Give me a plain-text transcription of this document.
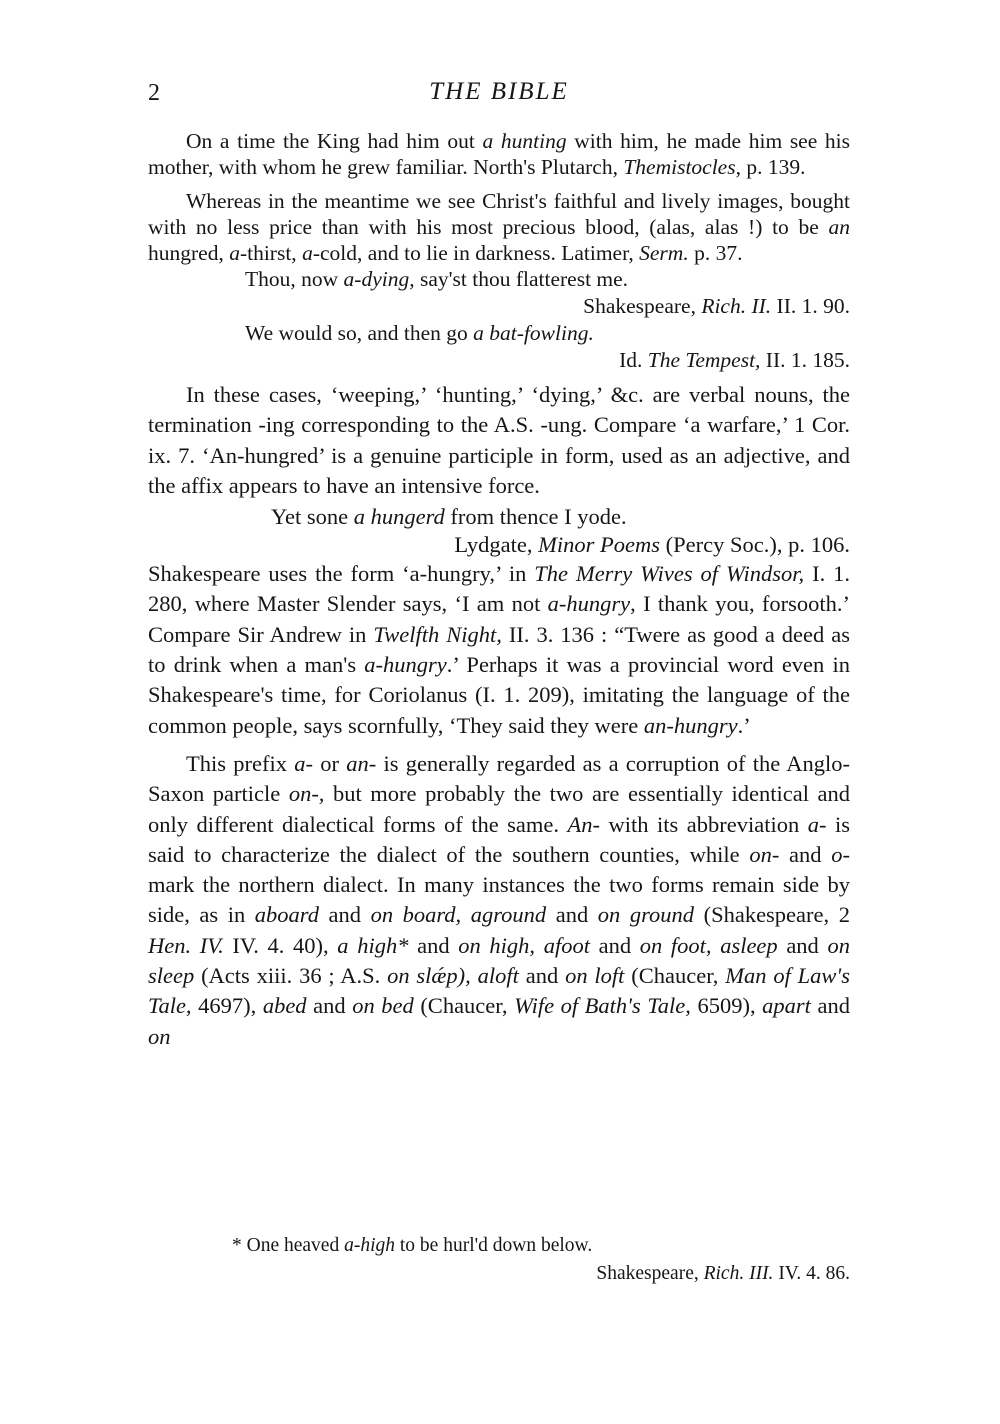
2	THE BIBLE

On a time the King had him out a hunting with him, he made him see his mother, with whom he grew familiar. North's Plutarch, Themistocles, p. 139.

Whereas in the meantime we see Christ's faithful and lively images, bought with no less price than with his most precious blood, (alas, alas !) to be an hungred, a-thirst, a-cold, and to lie in darkness. Latimer, Serm. p. 37.

Thou, now a-dying, say'st thou flatterest me.

Shakespeare, Rich. II. II. 1. 90.

We would so, and then go a bat-fowling.

Id. The Tempest, II. 1. 185.

In these cases, ‘weeping,’ ‘hunting,’ ‘dying,’ &c. are verbal nouns, the termination -ing corresponding to the A.S. -ung. Compare ‘a warfare,’ 1 Cor. ix. 7. ‘An-hungred’ is a genuine participle in form, used as an adjective, and the affix appears to have an intensive force.

Yet sone a hungerd from thence I yode.

Lydgate, Minor Poems (Percy Soc.), p. 106.

Shakespeare uses the form ‘a-hungry,’ in The Merry Wives of Windsor, I. 1. 280, where Master Slender says, ‘I am not a-hungry, I thank you, forsooth.’ Compare Sir Andrew in Twelfth Night, II. 3. 136 : “Twere as good a deed as to drink when a man's a-hungry.’ Perhaps it was a provincial word even in Shakespeare's time, for Coriolanus (I. 1. 209), imitating the language of the common people, says scornfully, ‘They said they were an-hungry.’

This prefix a- or an- is generally regarded as a corruption of the Anglo-Saxon particle on-, but more probably the two are essentially identical and only different dialectical forms of the same. An- with its abbreviation a- is said to characterize the dialect of the southern counties, while on- and o- mark the northern dialect. In many instances the two forms remain side by side, as in aboard and on board, aground and on ground (Shakespeare, 2 Hen. IV. IV. 4. 40), a high* and on high, afoot and on foot, asleep and on sleep (Acts xiii. 36 ; A.S. on slǽp), aloft and on loft (Chaucer, Man of Law's Tale, 4697), abed and on bed (Chaucer, Wife of Bath's Tale, 6509), apart and on

* One heaved a-high to be hurl'd down below.

Shakespeare, Rich. III. IV. 4. 86.
